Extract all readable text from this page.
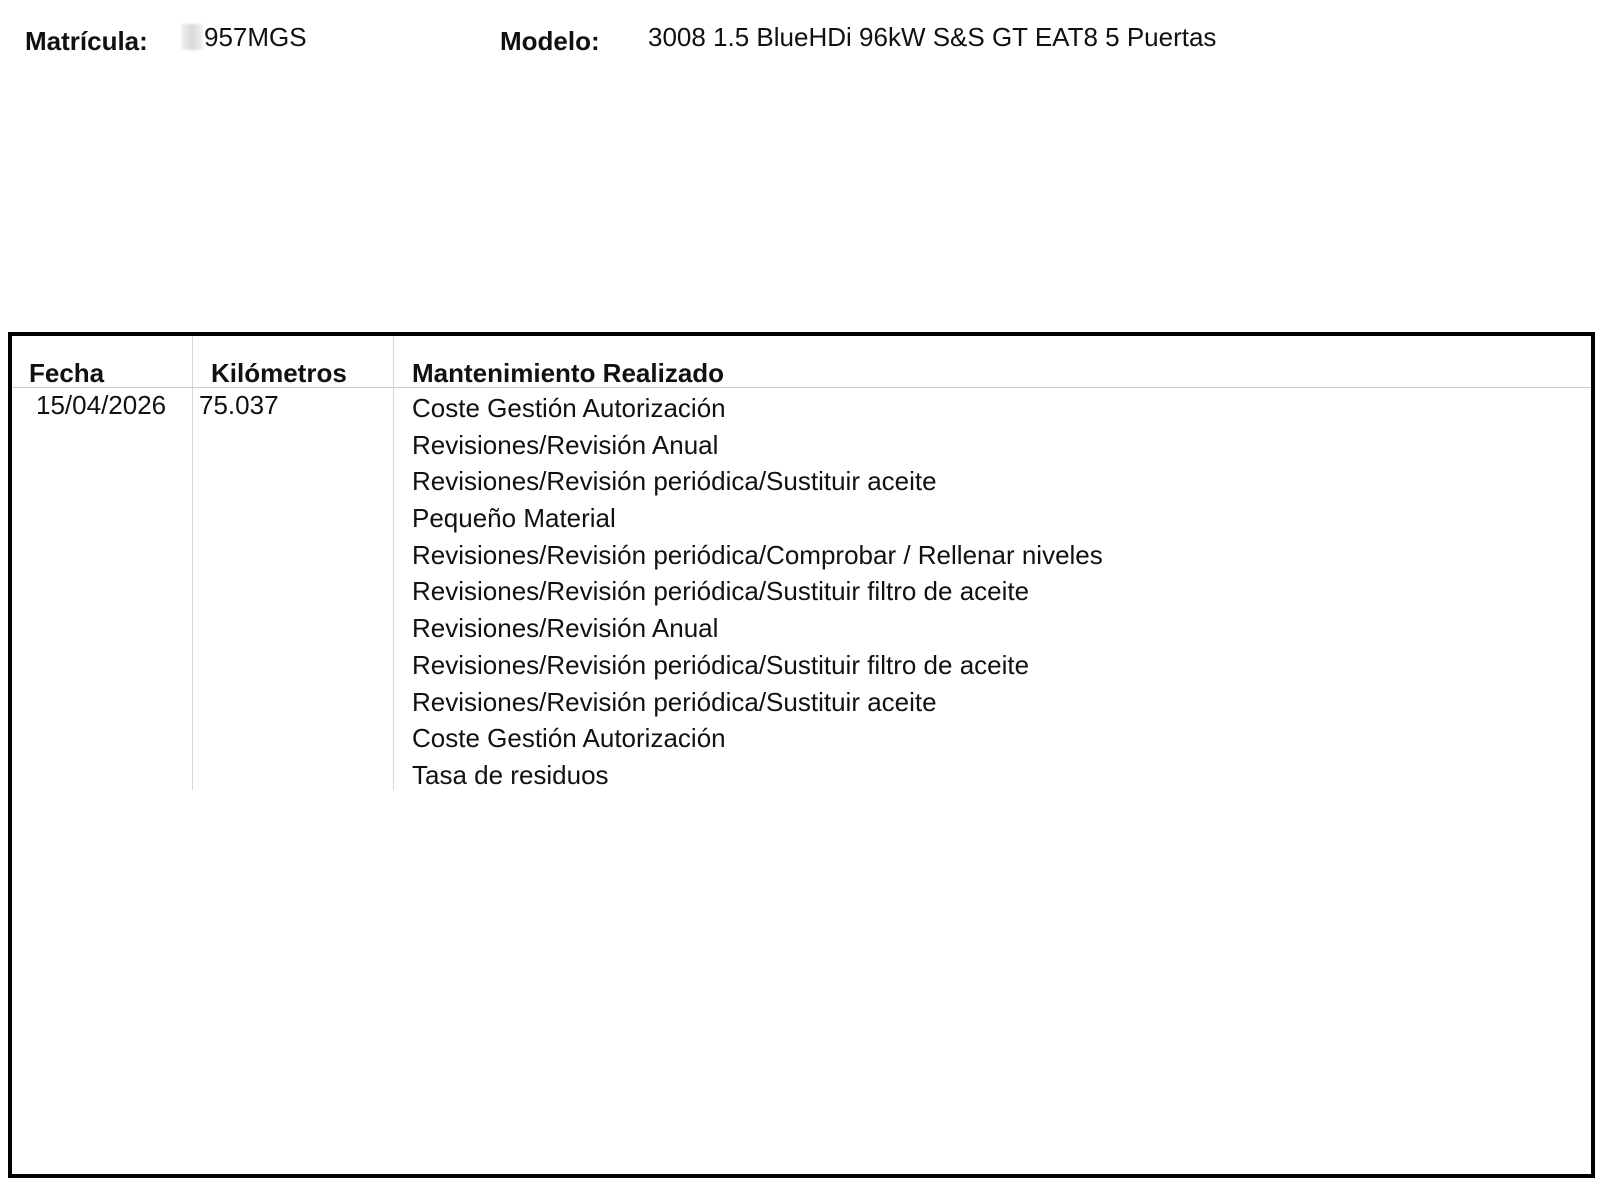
Matrícula: 957MGS	Modelo: 3008 1.5 BlueHDi 96kW S&S GT EAT8 5 Puertas
Fecha	Kilómetros	Mantenimiento Realizado
15/04/2026 75.037	Coste Gestión Autorización
Revisiones/Revisión Anual
Revisiones/Revisión periódica/Sustituir aceite
Pequeño Material
Revisiones/Revisión periódica/Comprobar / Rellenar niveles
Revisiones/Revisión periódica/Sustituir filtro de aceite
Revisiones/Revisión Anual
Revisiones/Revisión periódica/Sustituir filtro de aceite
Revisiones/Revisión periódica/Sustituir aceite
Coste Gestión Autorización
Tasa de residuos
